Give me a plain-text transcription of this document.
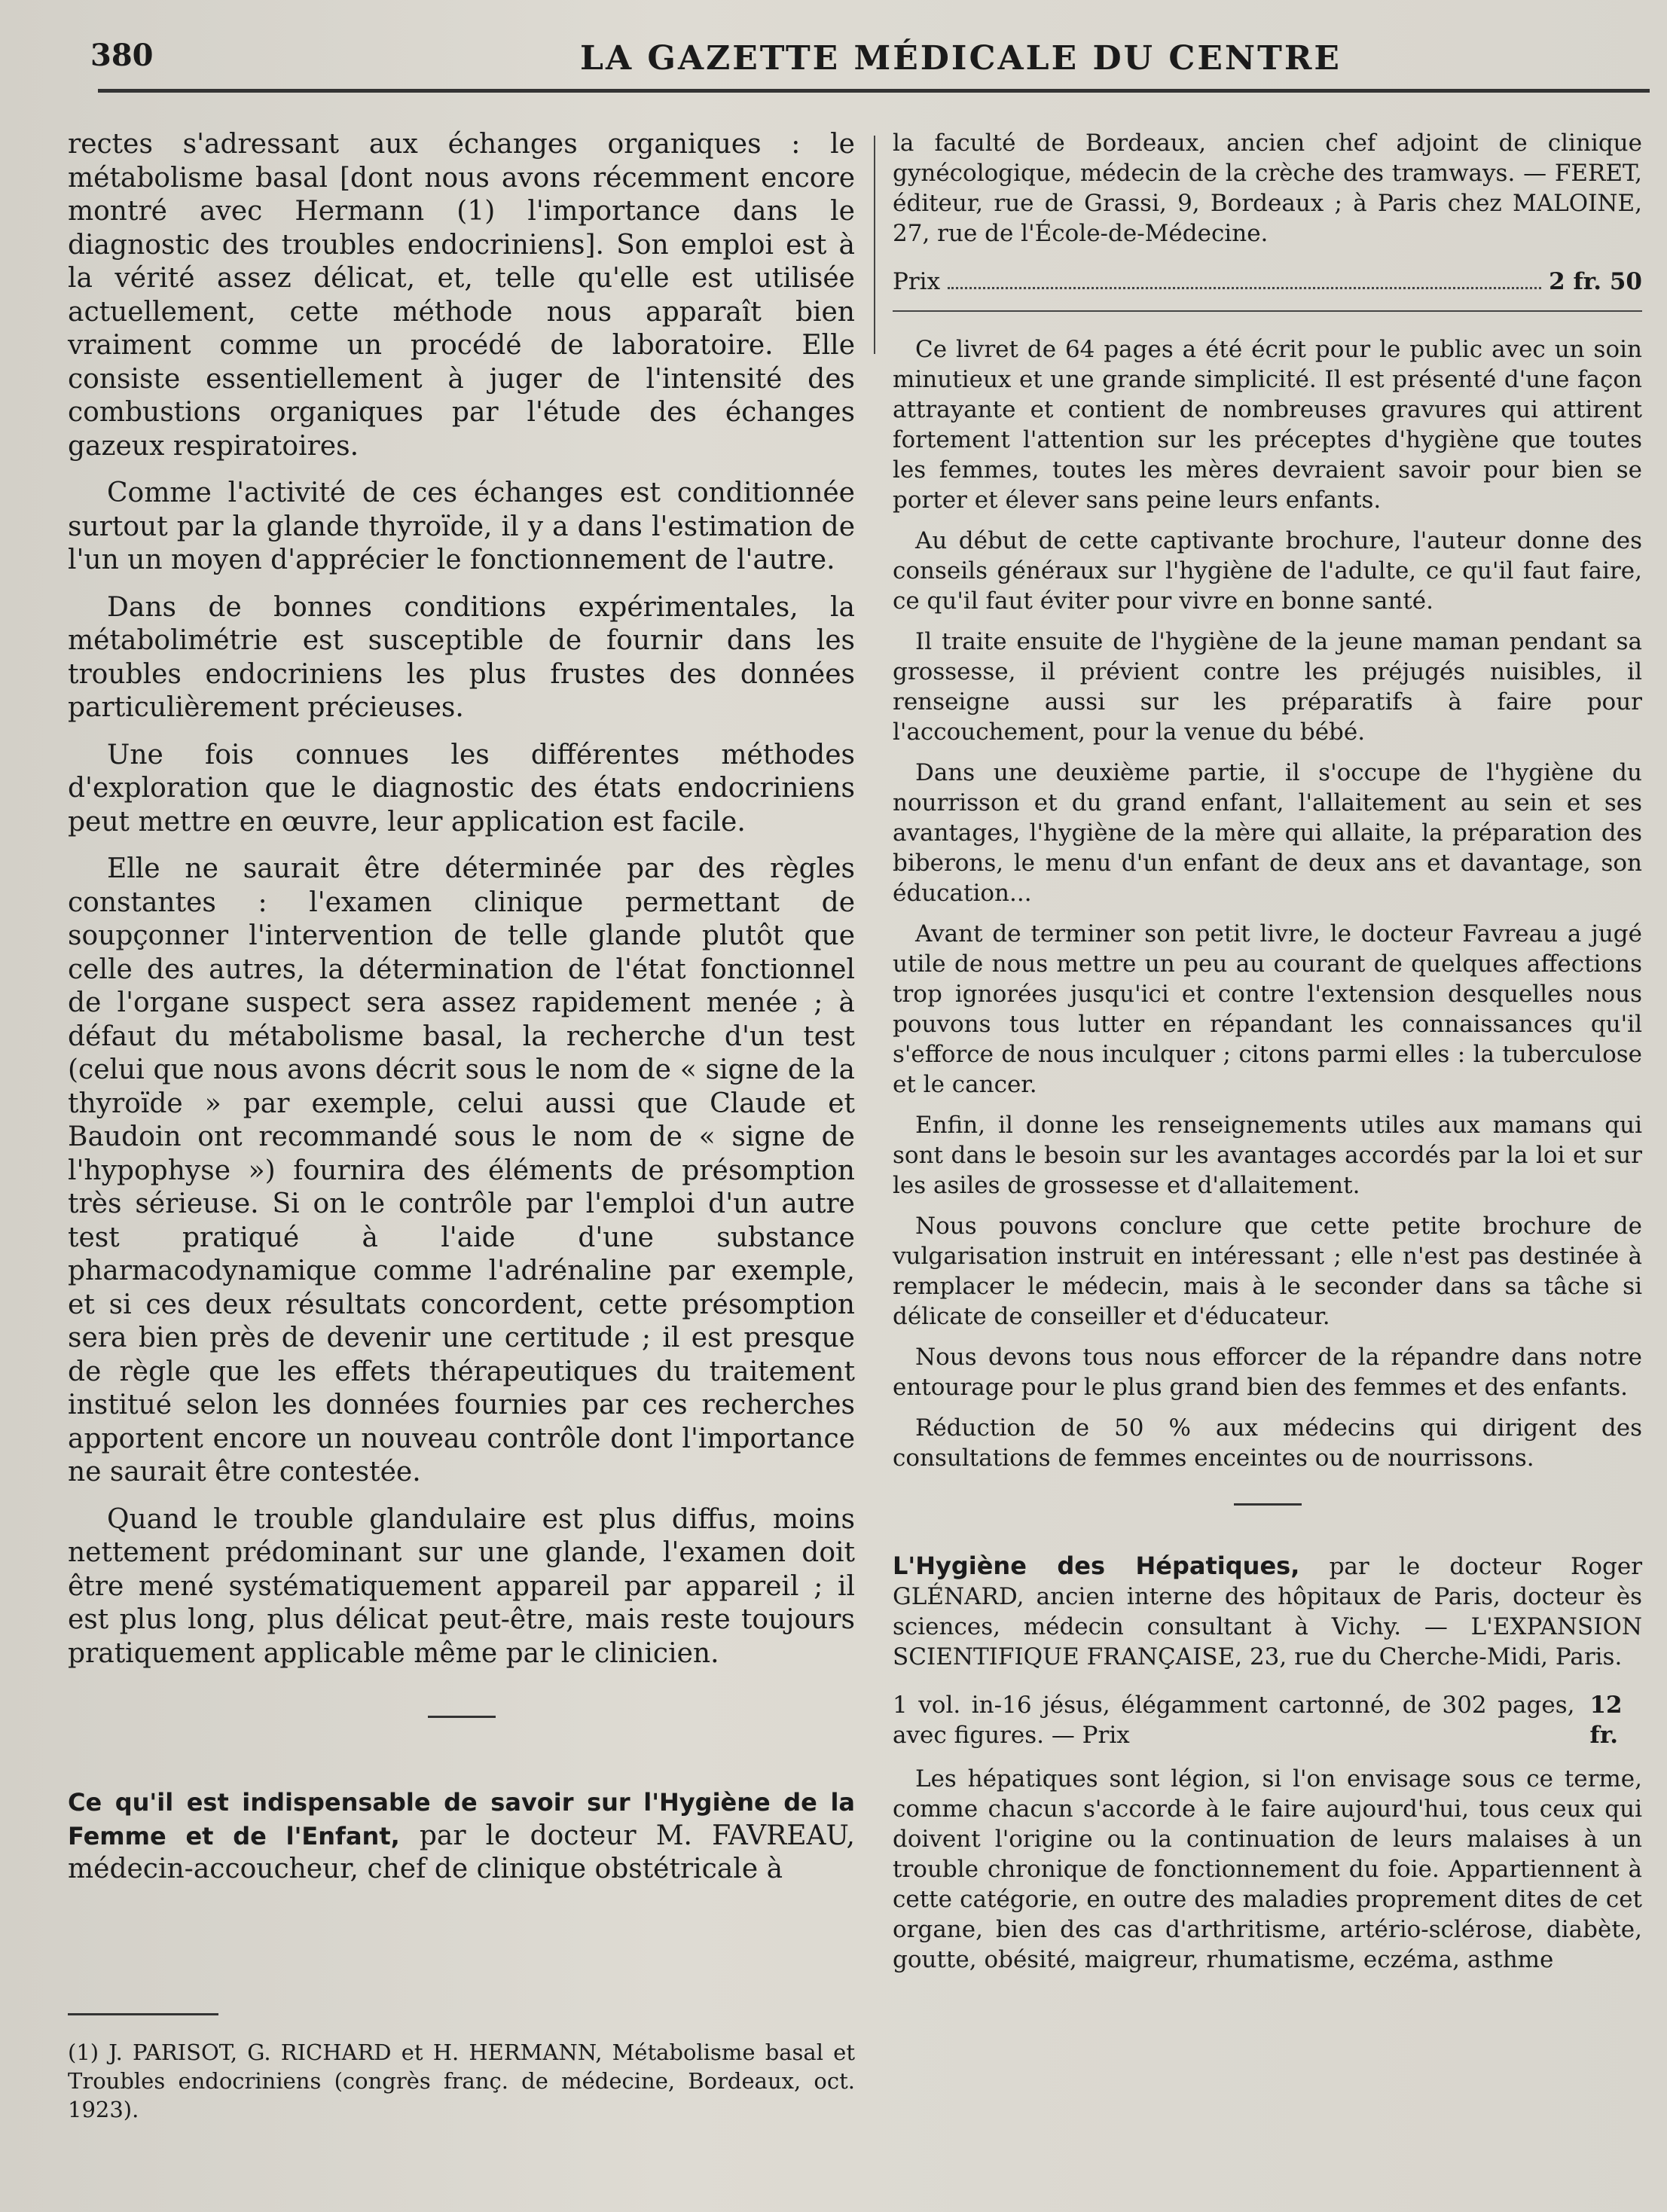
380	LA GAZETTE MÉDICALE DU CENTRE

rectes s'adressant aux échanges organiques : le métabolisme basal [dont nous avons récemment encore montré avec Hermann (1) l'importance dans le diagnostic des troubles endocriniens]. Son emploi est à la vérité assez délicat, et, telle qu'elle est utilisée actuellement, cette méthode nous apparaît bien vraiment comme un procédé de laboratoire. Elle consiste essentiellement à juger de l'intensité des combustions organiques par l'étude des échanges gazeux respiratoires.

Comme l'activité de ces échanges est conditionnée surtout par la glande thyroïde, il y a dans l'estimation de l'un un moyen d'apprécier le fonctionnement de l'autre.

Dans de bonnes conditions expérimentales, la métabolimétrie est susceptible de fournir dans les troubles endocriniens les plus frustes des données particulièrement précieuses.

Une fois connues les différentes méthodes d'exploration que le diagnostic des états endocriniens peut mettre en œuvre, leur application est facile.

Elle ne saurait être déterminée par des règles constantes : l'examen clinique permettant de soupçonner l'intervention de telle glande plutôt que celle des autres, la détermination de l'état fonctionnel de l'organe suspect sera assez rapidement menée ; à défaut du métabolisme basal, la recherche d'un test (celui que nous avons décrit sous le nom de « signe de la thyroïde » par exemple, celui aussi que Claude et Baudoin ont recommandé sous le nom de « signe de l'hypophyse ») fournira des éléments de présomption très sérieuse. Si on le contrôle par l'emploi d'un autre test pratiqué à l'aide d'une substance pharmacodynamique comme l'adrénaline par exemple, et si ces deux résultats concordent, cette présomption sera bien près de devenir une certitude ; il est presque de règle que les effets thérapeutiques du traitement institué selon les données fournies par ces recherches apportent encore un nouveau contrôle dont l'importance ne saurait être contestée.

Quand le trouble glandulaire est plus diffus, moins nettement prédominant sur une glande, l'examen doit être mené systématiquement appareil par appareil ; il est plus long, plus délicat peut-être, mais reste toujours pratiquement applicable même par le clinicien.

Ce qu'il est indispensable de savoir sur l'Hygiène de la Femme et de l'Enfant, par le docteur M. FAVREAU, médecin-accoucheur, chef de clinique obstétricale à

(1) J. PARISOT, G. RICHARD et H. HERMANN, Métabolisme basal et Troubles endocriniens (congrès franç. de médecine, Bordeaux, oct. 1923).

la faculté de Bordeaux, ancien chef adjoint de clinique gynécologique, médecin de la crèche des tramways. — FERET, éditeur, rue de Grassi, 9, Bordeaux ; à Paris chez MALOINE, 27, rue de l'École-de-Médecine.

Prix	2 fr. 50

Ce livret de 64 pages a été écrit pour le public avec un soin minutieux et une grande simplicité. Il est présenté d'une façon attrayante et contient de nombreuses gravures qui attirent fortement l'attention sur les préceptes d'hygiène que toutes les femmes, toutes les mères devraient savoir pour bien se porter et élever sans peine leurs enfants.

Au début de cette captivante brochure, l'auteur donne des conseils généraux sur l'hygiène de l'adulte, ce qu'il faut faire, ce qu'il faut éviter pour vivre en bonne santé.

Il traite ensuite de l'hygiène de la jeune maman pendant sa grossesse, il prévient contre les préjugés nuisibles, il renseigne aussi sur les préparatifs à faire pour l'accouchement, pour la venue du bébé.

Dans une deuxième partie, il s'occupe de l'hygiène du nourrisson et du grand enfant, l'allaitement au sein et ses avantages, l'hygiène de la mère qui allaite, la préparation des biberons, le menu d'un enfant de deux ans et davantage, son éducation...

Avant de terminer son petit livre, le docteur Favreau a jugé utile de nous mettre un peu au courant de quelques affections trop ignorées jusqu'ici et contre l'extension desquelles nous pouvons tous lutter en répandant les connaissances qu'il s'efforce de nous inculquer ; citons parmi elles : la tuberculose et le cancer.

Enfin, il donne les renseignements utiles aux mamans qui sont dans le besoin sur les avantages accordés par la loi et sur les asiles de grossesse et d'allaitement.

Nous pouvons conclure que cette petite brochure de vulgarisation instruit en intéressant ; elle n'est pas destinée à remplacer le médecin, mais à le seconder dans sa tâche si délicate de conseiller et d'éducateur.

Nous devons tous nous efforcer de la répandre dans notre entourage pour le plus grand bien des femmes et des enfants.

Réduction de 50 % aux médecins qui dirigent des consultations de femmes enceintes ou de nourrissons.

L'Hygiène des Hépatiques, par le docteur Roger GLÉNARD, ancien interne des hôpitaux de Paris, docteur ès sciences, médecin consultant à Vichy. — L'EXPANSION SCIENTIFIQUE FRANÇAISE, 23, rue du Cherche-Midi, Paris.

1 vol. in-16 jésus, élégamment cartonné, de 302 pages, avec figures. — Prix
12 fr.

Les hépatiques sont légion, si l'on envisage sous ce terme, comme chacun s'accorde à le faire aujourd'hui, tous ceux qui doivent l'origine ou la continuation de leurs malaises à un trouble chronique de fonctionnement du foie. Appartiennent à cette catégorie, en outre des maladies proprement dites de cet organe, bien des cas d'arthritisme, artério-sclérose, diabète, goutte, obésité, maigreur, rhumatisme, eczéma, asthme
